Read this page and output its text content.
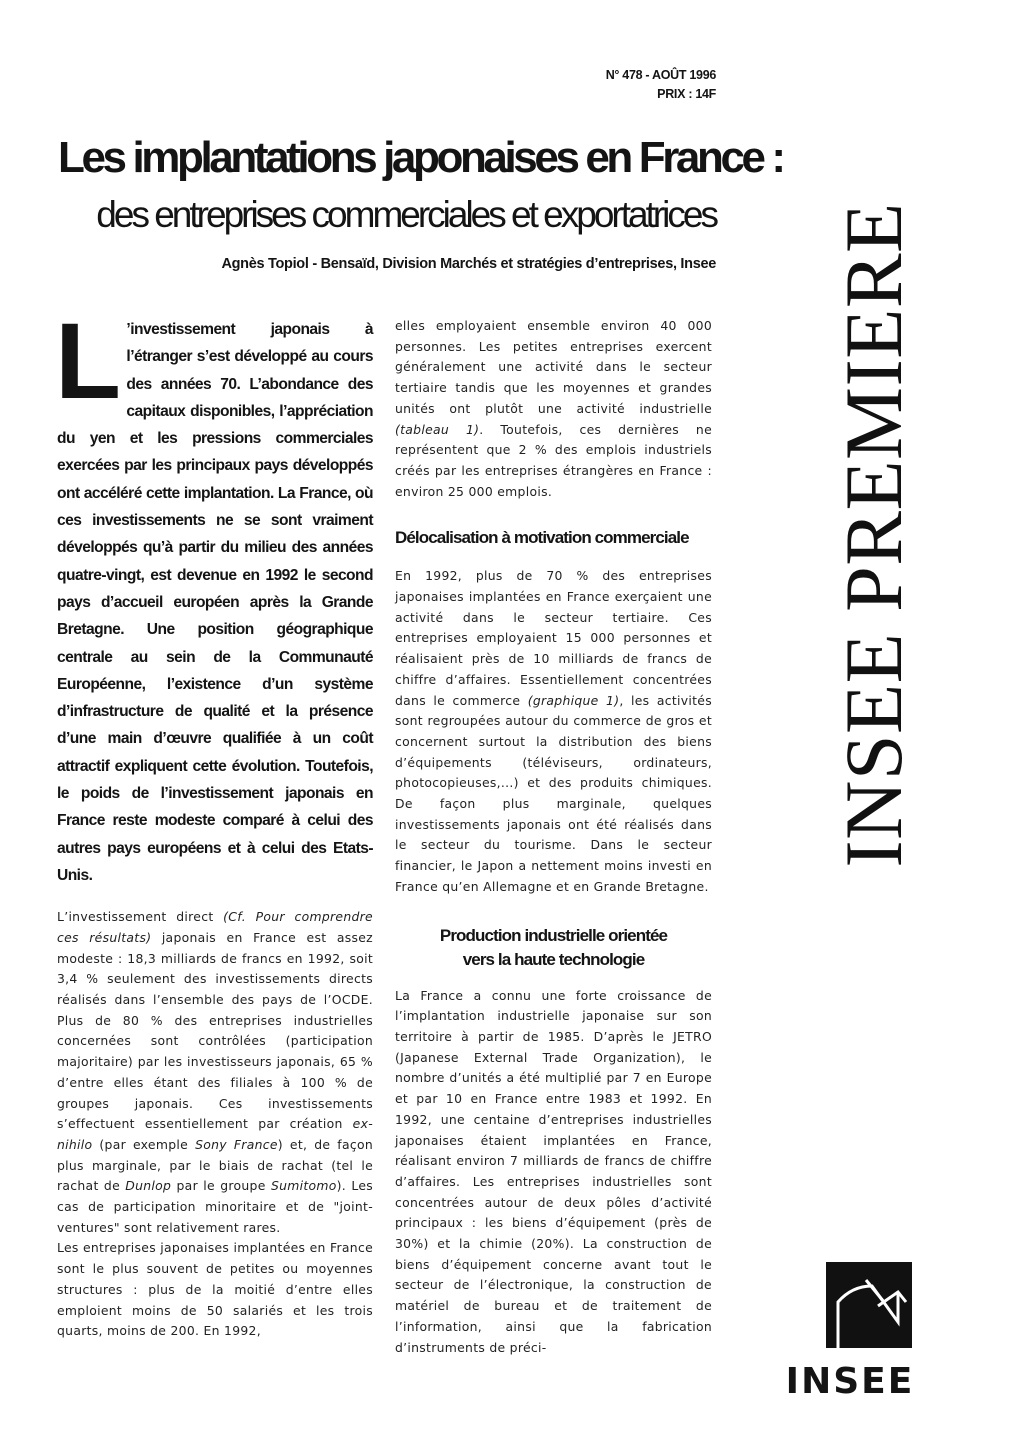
N° 478 - AOÛT 1996
PRIX : 14F
Les implantations japonaises en France :
des entreprises commerciales et exportatrices
Agnès Topiol - Bensaïd, Division Marchés et stratégies d’entreprises, Insee

L ’investissement japonais à l’étranger s’est développé au cours des années 70. L’abondance des capitaux disponibles, l’appréciation du yen et les pressions commerciales exercées par les principaux pays développés ont accéléré cette implantation. La France, où ces investissements ne se sont vraiment développés qu’à partir du milieu des années quatre-vingt, est devenue en 1992 le second pays d’accueil européen après la Grande Bretagne. Une position géographique centrale au sein de la Communauté Européenne, l’existence d’un système d’infrastructure de qualité et la présence d’une main d’œuvre qualifiée à un coût attractif expliquent cette évolution. Toutefois, le poids de l’investissement japonais en France reste modeste comparé à celui des autres pays européens et à celui des Etats-Unis.

L’investissement direct (Cf. Pour comprendre ces résultats) japonais en France est assez modeste : 18,3 milliards de francs en 1992, soit 3,4 % seulement des investissements directs réalisés dans l’ensemble des pays de l’OCDE. Plus de 80 % des entreprises industrielles concernées sont contrôlées (participation majoritaire) par les investisseurs japonais, 65 % d’entre elles étant des filiales à 100 % de groupes japonais. Ces investissements s’effectuent essentiellement par création ex-nihilo (par exemple Sony France) et, de façon plus marginale, par le biais de rachat (tel le rachat de Dunlop par le groupe Sumitomo). Les cas de participation minoritaire et de "joint-ventures" sont relativement rares.

Les entreprises japonaises implantées en France sont le plus souvent de petites ou moyennes structures : plus de la moitié d’entre elles emploient moins de 50 salariés et les trois quarts, moins de 200. En 1992,

elles employaient ensemble environ 40 000 personnes. Les petites entreprises exercent généralement une activité dans le secteur tertiaire tandis que les moyennes et grandes unités ont plutôt une activité industrielle (tableau 1). Toutefois, ces dernières ne représentent que 2 % des emplois industriels créés par les entreprises étrangères en France : environ 25 000 emplois.

Délocalisation à motivation commerciale

En 1992, plus de 70 % des entreprises japonaises implantées en France exerçaient une activité dans le secteur tertiaire. Ces entreprises employaient 15 000 personnes et réalisaient près de 10 milliards de francs de chiffre d’affaires. Essentiellement concentrées dans le commerce (graphique 1), les activités sont regroupées autour du commerce de gros et concernent surtout la distribution des biens d’équipements (téléviseurs, ordinateurs, photocopieuses,...) et des produits chimiques. De façon plus marginale, quelques investissements japonais ont été réalisés dans le secteur du tourisme. Dans le secteur financier, le Japon a nettement moins investi en France qu’en Allemagne et en Grande Bretagne.

Production industrielle orientée
vers la haute technologie

La France a connu une forte croissance de l’implantation industrielle japonaise sur son territoire à partir de 1985. D’après le JETRO (Japanese External Trade Organization), le nombre d’unités a été multiplié par 7 en Europe et par 10 en France entre 1983 et 1992. En 1992, une centaine d’entreprises industrielles japonaises étaient implantées en France, réalisant environ 7 milliards de francs de chiffre d’affaires. Les entreprises industrielles sont concentrées autour de deux pôles d’activité principaux : les biens d’équipement (près de 30%) et la chimie (20%). La construction de biens d’équipement concerne avant tout le secteur de l’électronique, la construction de matériel de bureau et de traitement de l’information, ainsi que la fabrication d’instruments de préci-

INSEE PREMIERE
INSEE
